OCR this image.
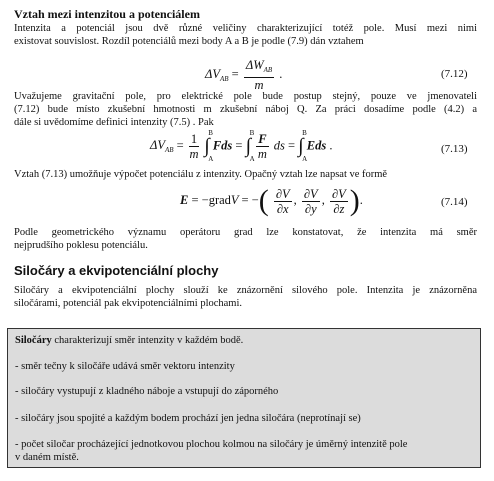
Vztah mezi intenzitou a potenciálem
Intenzita a potenciál jsou dvě různé veličiny charakterizující totéž pole. Musí mezi nimi
existovat souvislost. Rozdíl potenciálů mezi body A a B je podle (7.9) dán vztahem
$\Delta V_{AB} = \frac{\Delta W_{AB}}{m}$ .	(7.12)
Uvažujeme gravitační pole, pro elektrické pole bude postup stejný, pouze ve jmenovateli
(7.12) bude místo zkušební hmotnosti m zkušební náboj Q. Za práci dosadíme podle (4.2) a
dále si uvědomíme definici intenzity (7.5) . Pak
$\Delta V_{AB} = \frac{1}{m}$ ∫
B
A
Fds = ∫
B
A
$\frac{F}{m}$ ds = ∫
B
A
Eds .	(7.13)
Vztah (7.13) umožňuje výpočet potenciálu z intenzity. Opačný vztah lze napsat ve formě
E = −gradV = −( $\frac{\partial V}{\partial x}$ , $\frac{\partial V}{\partial y}$ , $\frac{\partial V}{\partial z}$ ).	(7.14)
Podle geometrického významu operátoru grad lze konstatovat, že intenzita má směr
nejprudšího poklesu potenciálu.
Siločáry a ekvipotenciální plochy
Siločáry a ekvipotenciální plochy slouží ke znázornění silového pole. Intenzita je znázorněna
siločárami, potenciál pak ekvipotenciálními plochami.
Siločáry charakterizují směr intenzity v každém bodě.
- směr tečny k siločáře udává směr vektoru intenzity
- siločáry vystupují z kladného náboje a vstupují do záporného
- siločáry jsou spojité a každým bodem prochází jen jedna siločára (neprotínají se)
- počet siločar procházející jednotkovou plochou kolmou na siločáry je úměrný intenzitě pole
v daném místě.
